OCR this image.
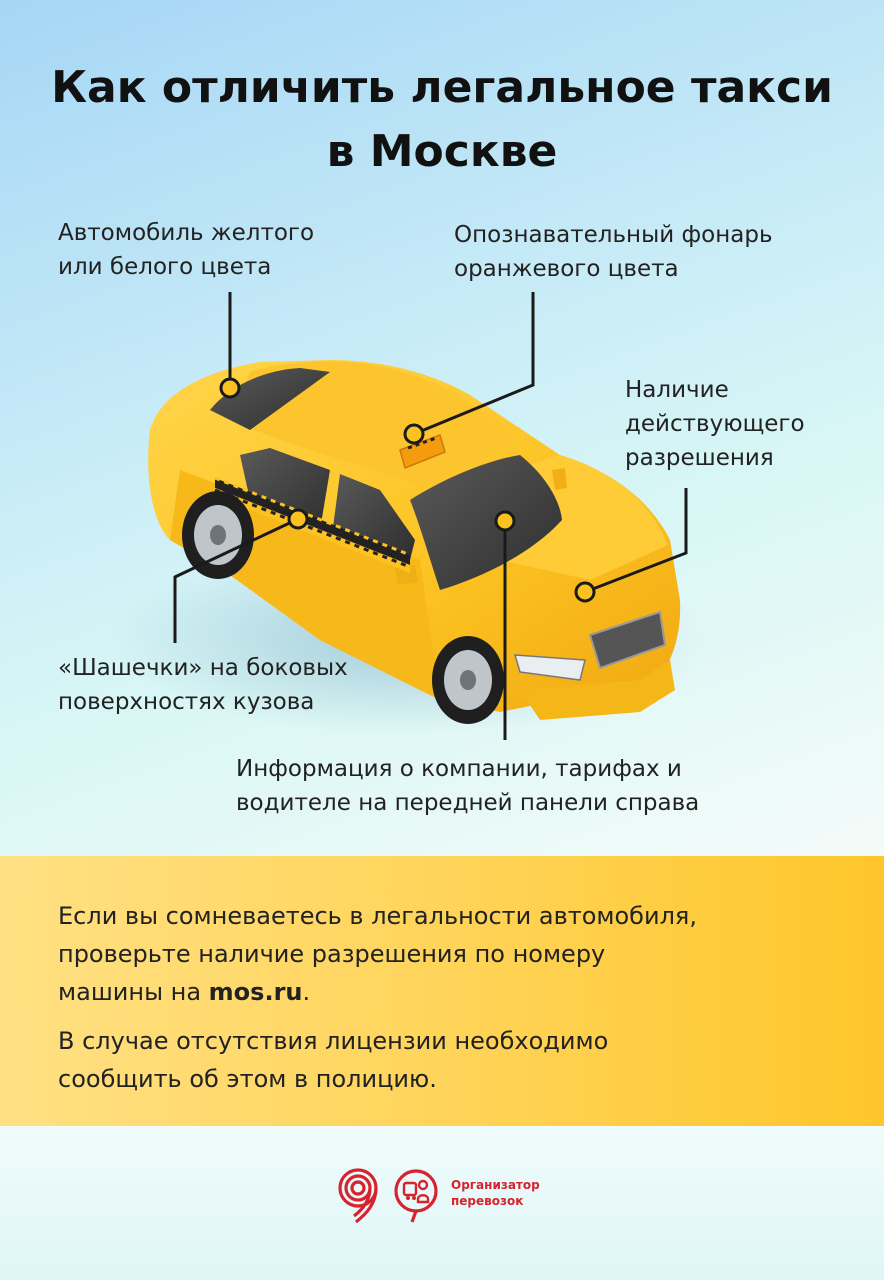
Как отличить легальное такси
в Москве
Автомобиль желтого
или белого цвета
Опознавательный фонарь
оранжевого цвета
Наличие
действующего
разрешения
«Шашечки» на боковых
поверхностях кузова
Информация о компании, тарифах и
водителе на передней панели справа
Если вы сомневаетесь в легальности автомобиля,
проверьте наличие разрешения по номеру
машины на mos.ru.
В случае отсутствия лицензии необходимо
сообщить об этом в полицию.
Организатор
перевозок
